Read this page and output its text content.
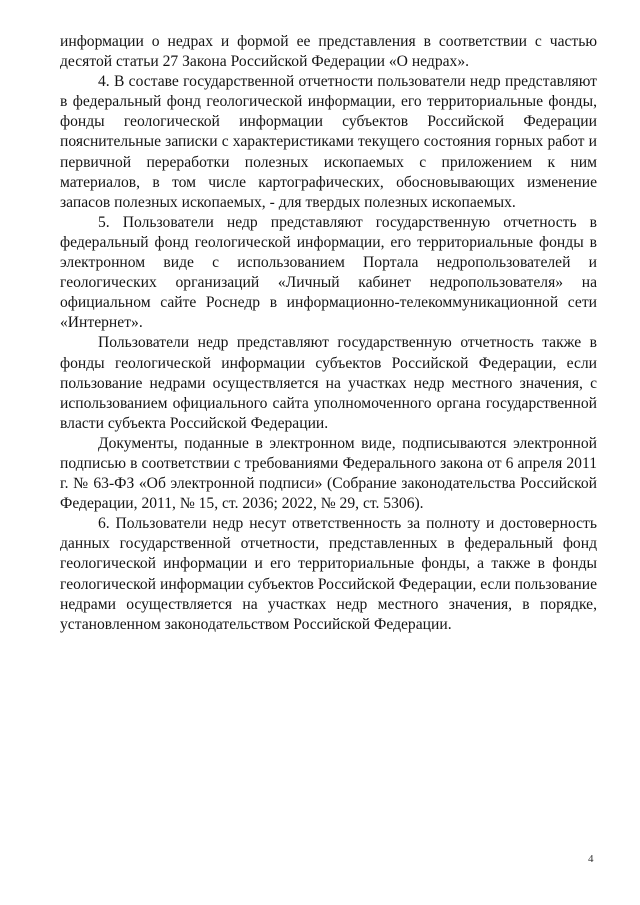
информации о недрах и формой ее представления в соответствии с частью десятой статьи 27 Закона Российской Федерации «О недрах».

4. В составе государственной отчетности пользователи недр представляют в федеральный фонд геологической информации, его территориальные фонды, фонды геологической информации субъектов Российской Федерации пояснительные записки с характеристиками текущего состояния горных работ и первичной переработки полезных ископаемых с приложением к ним материалов, в том числе картографических, обосновывающих изменение запасов полезных ископаемых, - для твердых полезных ископаемых.

5. Пользователи недр представляют государственную отчетность в федеральный фонд геологической информации, его территориальные фонды в электронном виде с использованием Портала недропользователей и геологических организаций «Личный кабинет недропользователя» на официальном сайте Роснедр в информационно-телекоммуникационной сети «Интернет».

Пользователи недр представляют государственную отчетность также в фонды геологической информации субъектов Российской Федерации, если пользование недрами осуществляется на участках недр местного значения, с использованием официального сайта уполномоченного органа государственной власти субъекта Российской Федерации.

Документы, поданные в электронном виде, подписываются электронной подписью в соответствии с требованиями Федерального закона от 6 апреля 2011 г. № 63-ФЗ «Об электронной подписи» (Собрание законодательства Российской Федерации, 2011, № 15, ст. 2036; 2022, № 29, ст. 5306).

6. Пользователи недр несут ответственность за полноту и достоверность данных государственной отчетности, представленных в федеральный фонд геологической информации и его территориальные фонды, а также в фонды геологической информации субъектов Российской Федерации, если пользование недрами осуществляется на участках недр местного значения, в порядке, установленном законодательством Российской Федерации.

4
